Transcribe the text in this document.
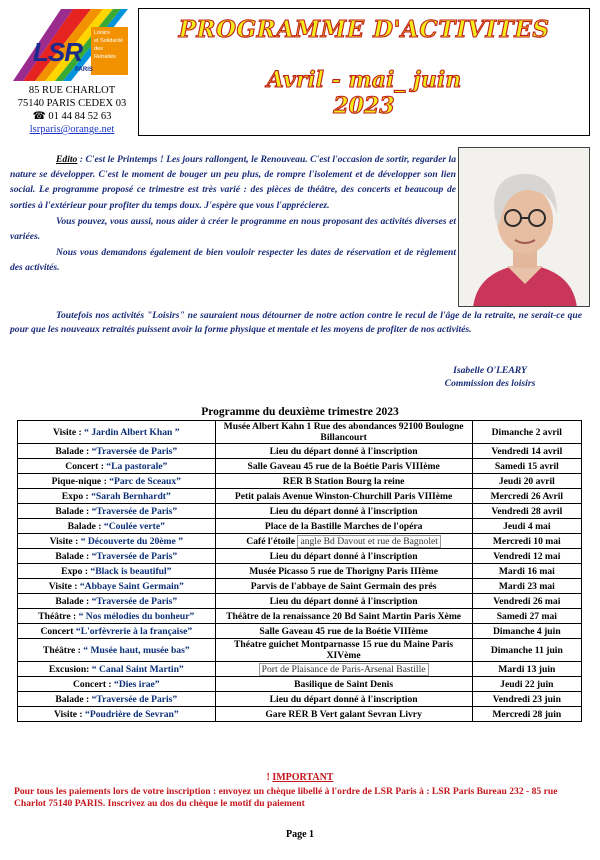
LSR
Loisirs
et Solidarité
des Retraités
PARIS
85 RUE CHARLOT
75140 PARIS CEDEX 03
☎ 01 44 84 52 63
lsrparis@orange.net
PROGRAMME D'ACTIVITES
Avril - mai_ juin
2023

Edito : C'est le Printemps ! Les jours rallongent, le Renouveau. C'est l'occasion de sortir, regarder la nature se développer. C'est le moment de bouger un peu plus, de rompre l'isolement et de développer son lien social. Le programme proposé ce trimestre est très varié : des pièces de théâtre, des concerts et beaucoup de sorties à l'extérieur pour profiter du temps doux. J'espère que vous l'apprécierez.

Vous pouvez, vous aussi, nous aider à créer le programme en nous proposant des activités diverses et variées.

Nous vous demandons également de bien vouloir respecter les dates de réservation et de règlement des activités.

Toutefois nos activités "Loisirs" ne sauraient nous détourner de notre action contre le recul de l'âge de la retraite, ne serait-ce que pour que les nouveaux retraités puissent avoir la forme physique et mentale et les moyens de profiter de nos activités.
Isabelle O'LEARY
Commission des loisirs
Programme du deuxième trimestre 2023
Visite : “ Jardin Albert Khan ”	Musée Albert Kahn 1 Rue des abondances 92100 Boulogne Billancourt	Dimanche 2 avril
Balade : “Traversée de Paris”	Lieu du départ donné à l'inscription	Vendredi 14 avril
Concert : “La pastorale”	Salle Gaveau 45 rue de la Boétie Paris VIIIème	Samedi 15 avril
Pique-nique : “Parc de Sceaux”	RER B Station Bourg la reine	Jeudi 20 avril
Expo : “Sarah Bernhardt”	Petit palais Avenue Winston-Churchill Paris VIIIème	Mercredi 26 Avril
Balade : “Traversée de Paris”	Lieu du départ donné à l'inscription	Vendredi 28 avril
Balade : “Coulée verte”	Place de la Bastille Marches de l'opéra	Jeudi 4 mai
Visite : “ Découverte du 20ème ”	Café l'étoile angle Bd Davout et rue de Bagnolet	Mercredi 10 mai
Balade : “Traversée de Paris”	Lieu du départ donné à l'inscription	Vendredi 12 mai
Expo : “Black is beautiful”	Musée Picasso 5 rue de Thorigny Paris IIIème	Mardi 16 mai
Visite : “Abbaye Saint Germain”	Parvis de l'abbaye de Saint Germain des prés	Mardi 23 mai
Balade : “Traversée de Paris”	Lieu du départ donné à l'inscription	Vendredi 26 mai
Théâtre : “ Nos mélodies du bonheur”	Théâtre de la renaissance 20 Bd Saint Martin Paris Xème	Samedi 27 mai
Concert “L'orfèvrerie à la française”	Salle Gaveau 45 rue de la Boétie VIIIème	Dimanche 4 juin
Théâtre : “ Musée haut, musée bas”	Théatre guichet Montparnasse 15 rue du Maine Paris XIVème	Dimanche 11 juin
Excusion: “ Canal Saint Martin”	Port de Plaisance de Paris-Arsenal Bastille	Mardi 13 juin
Concert : “Dies irae”	Basilique de Saint Denis	Jeudi 22 juin
Balade : “Traversée de Paris”	Lieu du départ donné à l'inscription	Vendredi 23 juin
Visite : “Poudrière de Sevran”	Gare RER B Vert galant Sevran Livry	Mercredi 28 juin
! IMPORTANT
Pour tous les paiements lors de votre inscription : envoyez un chèque libellé à l'ordre de LSR Paris à : LSR Paris Bureau 232 - 85 rue Charlot 75140 PARIS. Inscrivez au dos du chèque le motif du paiement
Page 1
